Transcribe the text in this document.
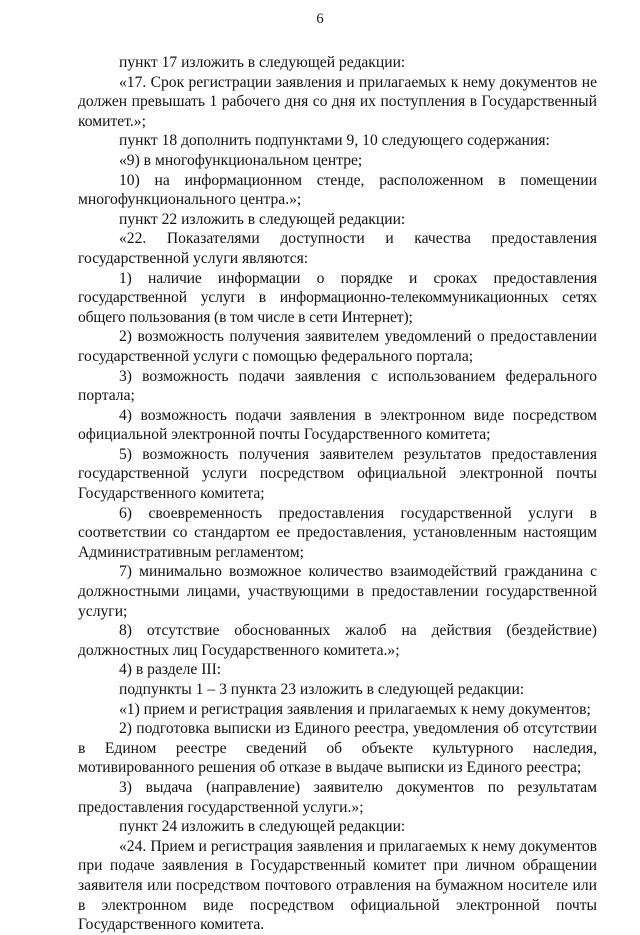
6

пункт 17 изложить в следующей редакции:

«17. Срок регистрации заявления и прилагаемых к нему документов не должен превышать 1 рабочего дня со дня их поступления в Государственный комитет.»;

пункт 18 дополнить подпунктами 9, 10 следующего содержания:

«9) в многофункциональном центре;

10) на информационном стенде, расположенном в помещении многофункционального центра.»;

пункт 22 изложить в следующей редакции:

«22. Показателями доступности и качества предоставления государственной услуги являются:

1) наличие информации о порядке и сроках предоставления государственной услуги в информационно-телекоммуникационных сетях общего пользования (в том числе в сети Интернет);

2) возможность получения заявителем уведомлений о предоставлении государственной услуги с помощью федерального портала;

3) возможность подачи заявления с использованием федерального портала;

4) возможность подачи заявления в электронном виде посредством официальной электронной почты Государственного комитета;

5) возможность получения заявителем результатов предоставления государственной услуги посредством официальной электронной почты Государственного комитета;

6) своевременность предоставления государственной услуги в соответствии со стандартом ее предоставления, установленным настоящим Административным регламентом;

7) минимально возможное количество взаимодействий гражданина с должностными лицами, участвующими в предоставлении государственной услуги;

8) отсутствие обоснованных жалоб на действия (бездействие) должностных лиц Государственного комитета.»;

4) в разделе III:

подпункты 1 – 3 пункта 23 изложить в следующей редакции:

«1) прием и регистрация заявления и прилагаемых к нему документов;

2) подготовка выписки из Единого реестра, уведомления об отсутствии в Едином реестре сведений об объекте культурного наследия, мотивированного решения об отказе в выдаче выписки из Единого реестра;

3) выдача (направление) заявителю документов по результатам предоставления государственной услуги.»;

пункт 24 изложить в следующей редакции:

«24. Прием и регистрация заявления и прилагаемых к нему документов при подаче заявления в Государственный комитет при личном обращении заявителя или посредством почтового отравления на бумажном носителе или в электронном виде посредством официальной электронной почты Государственного комитета.
